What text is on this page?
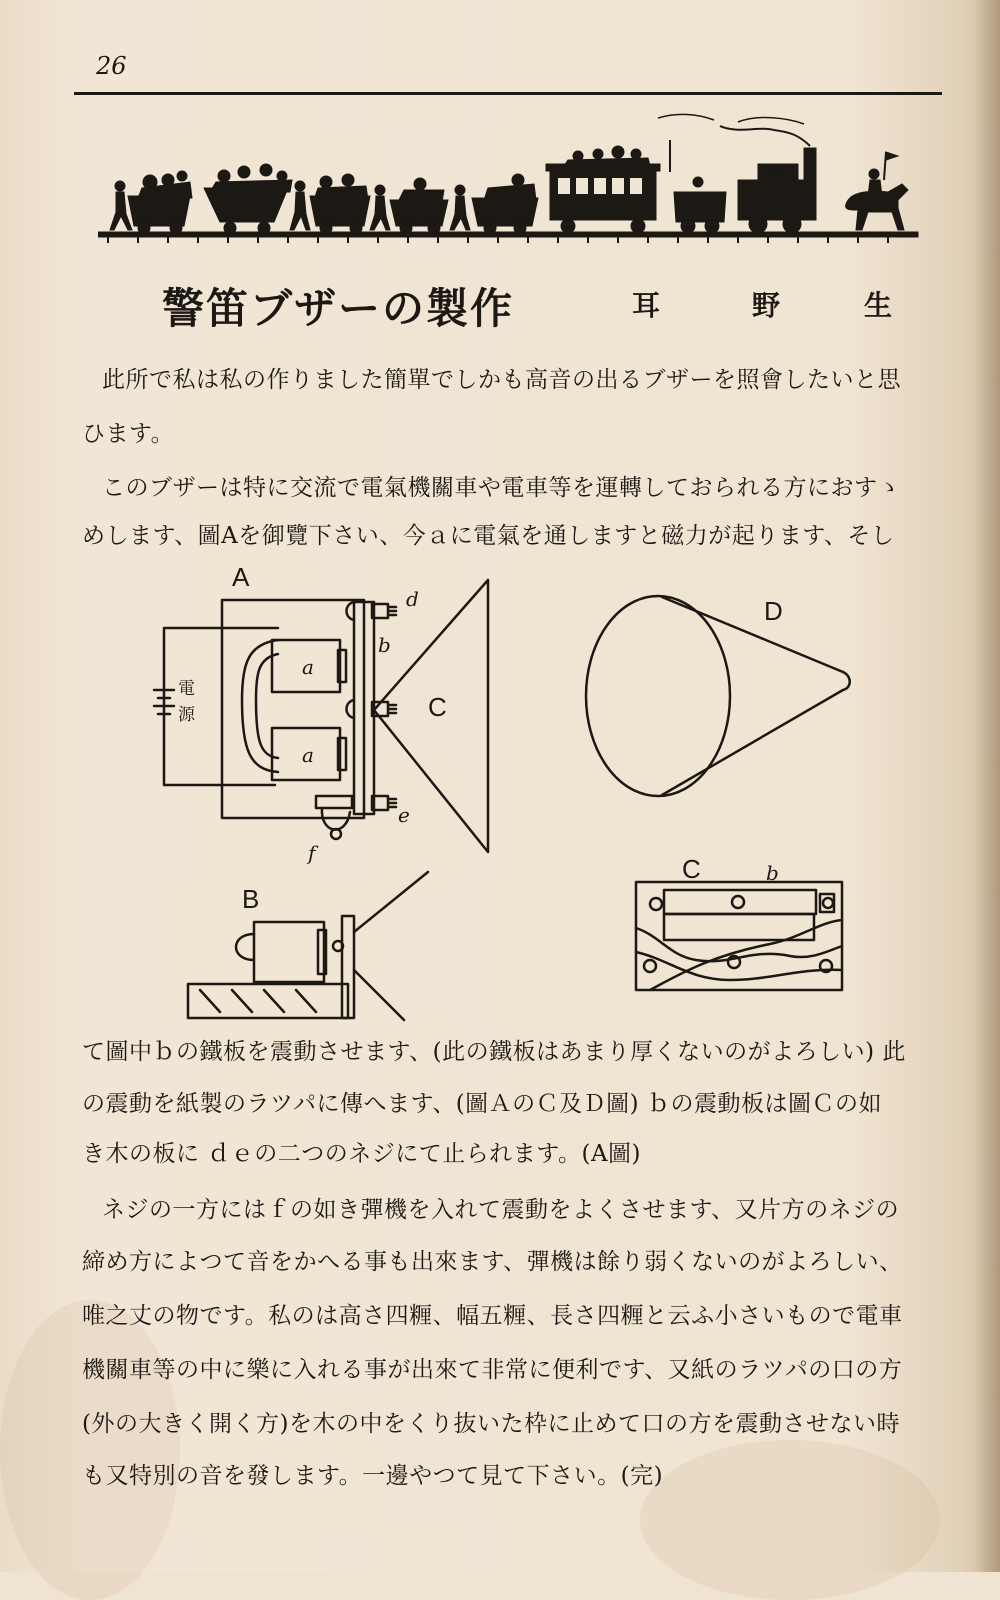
26
警笛ブザーの製作	耳	野	生
此所で私は私の作りました簡單でしかも高音の出るブザーを照會したいと思
ひます。
このブザーは特に交流で電氣機關車や電車等を運轉しておられる方におすゝ
めします、圖Aを御覽下さい、今ａに電氣を通しますと磁力が起ります、そし
A
D
B
C
C
a
a
d
b
e
f
b
電
源
て圖中ｂの鐵板を震動させます、(此の鐵板はあまり厚くないのがよろしい) 此
の震動を紙製のラツパに傳へます、(圖ＡのＣ及Ｄ圖) ｂの震動板は圖Ｃの如
き木の板に ｄｅの二つのネジにて止られます。(A圖)
ネジの一方にはｆの如き彈機を入れて震動をよくさせます、又片方のネジの
締め方によつて音をかへる事も出來ます、彈機は餘り弱くないのがよろしい、
唯之丈の物です。私のは高さ四糎、幅五糎、長さ四糎と云ふ小さいもので電車
機關車等の中に樂に入れる事が出來て非常に便利です、又紙のラツパの口の方
(外の大きく開く方)を木の中をくり抜いた枠に止めて口の方を震動させない時
も又特別の音を發します。一邊やつて見て下さい。(完)
